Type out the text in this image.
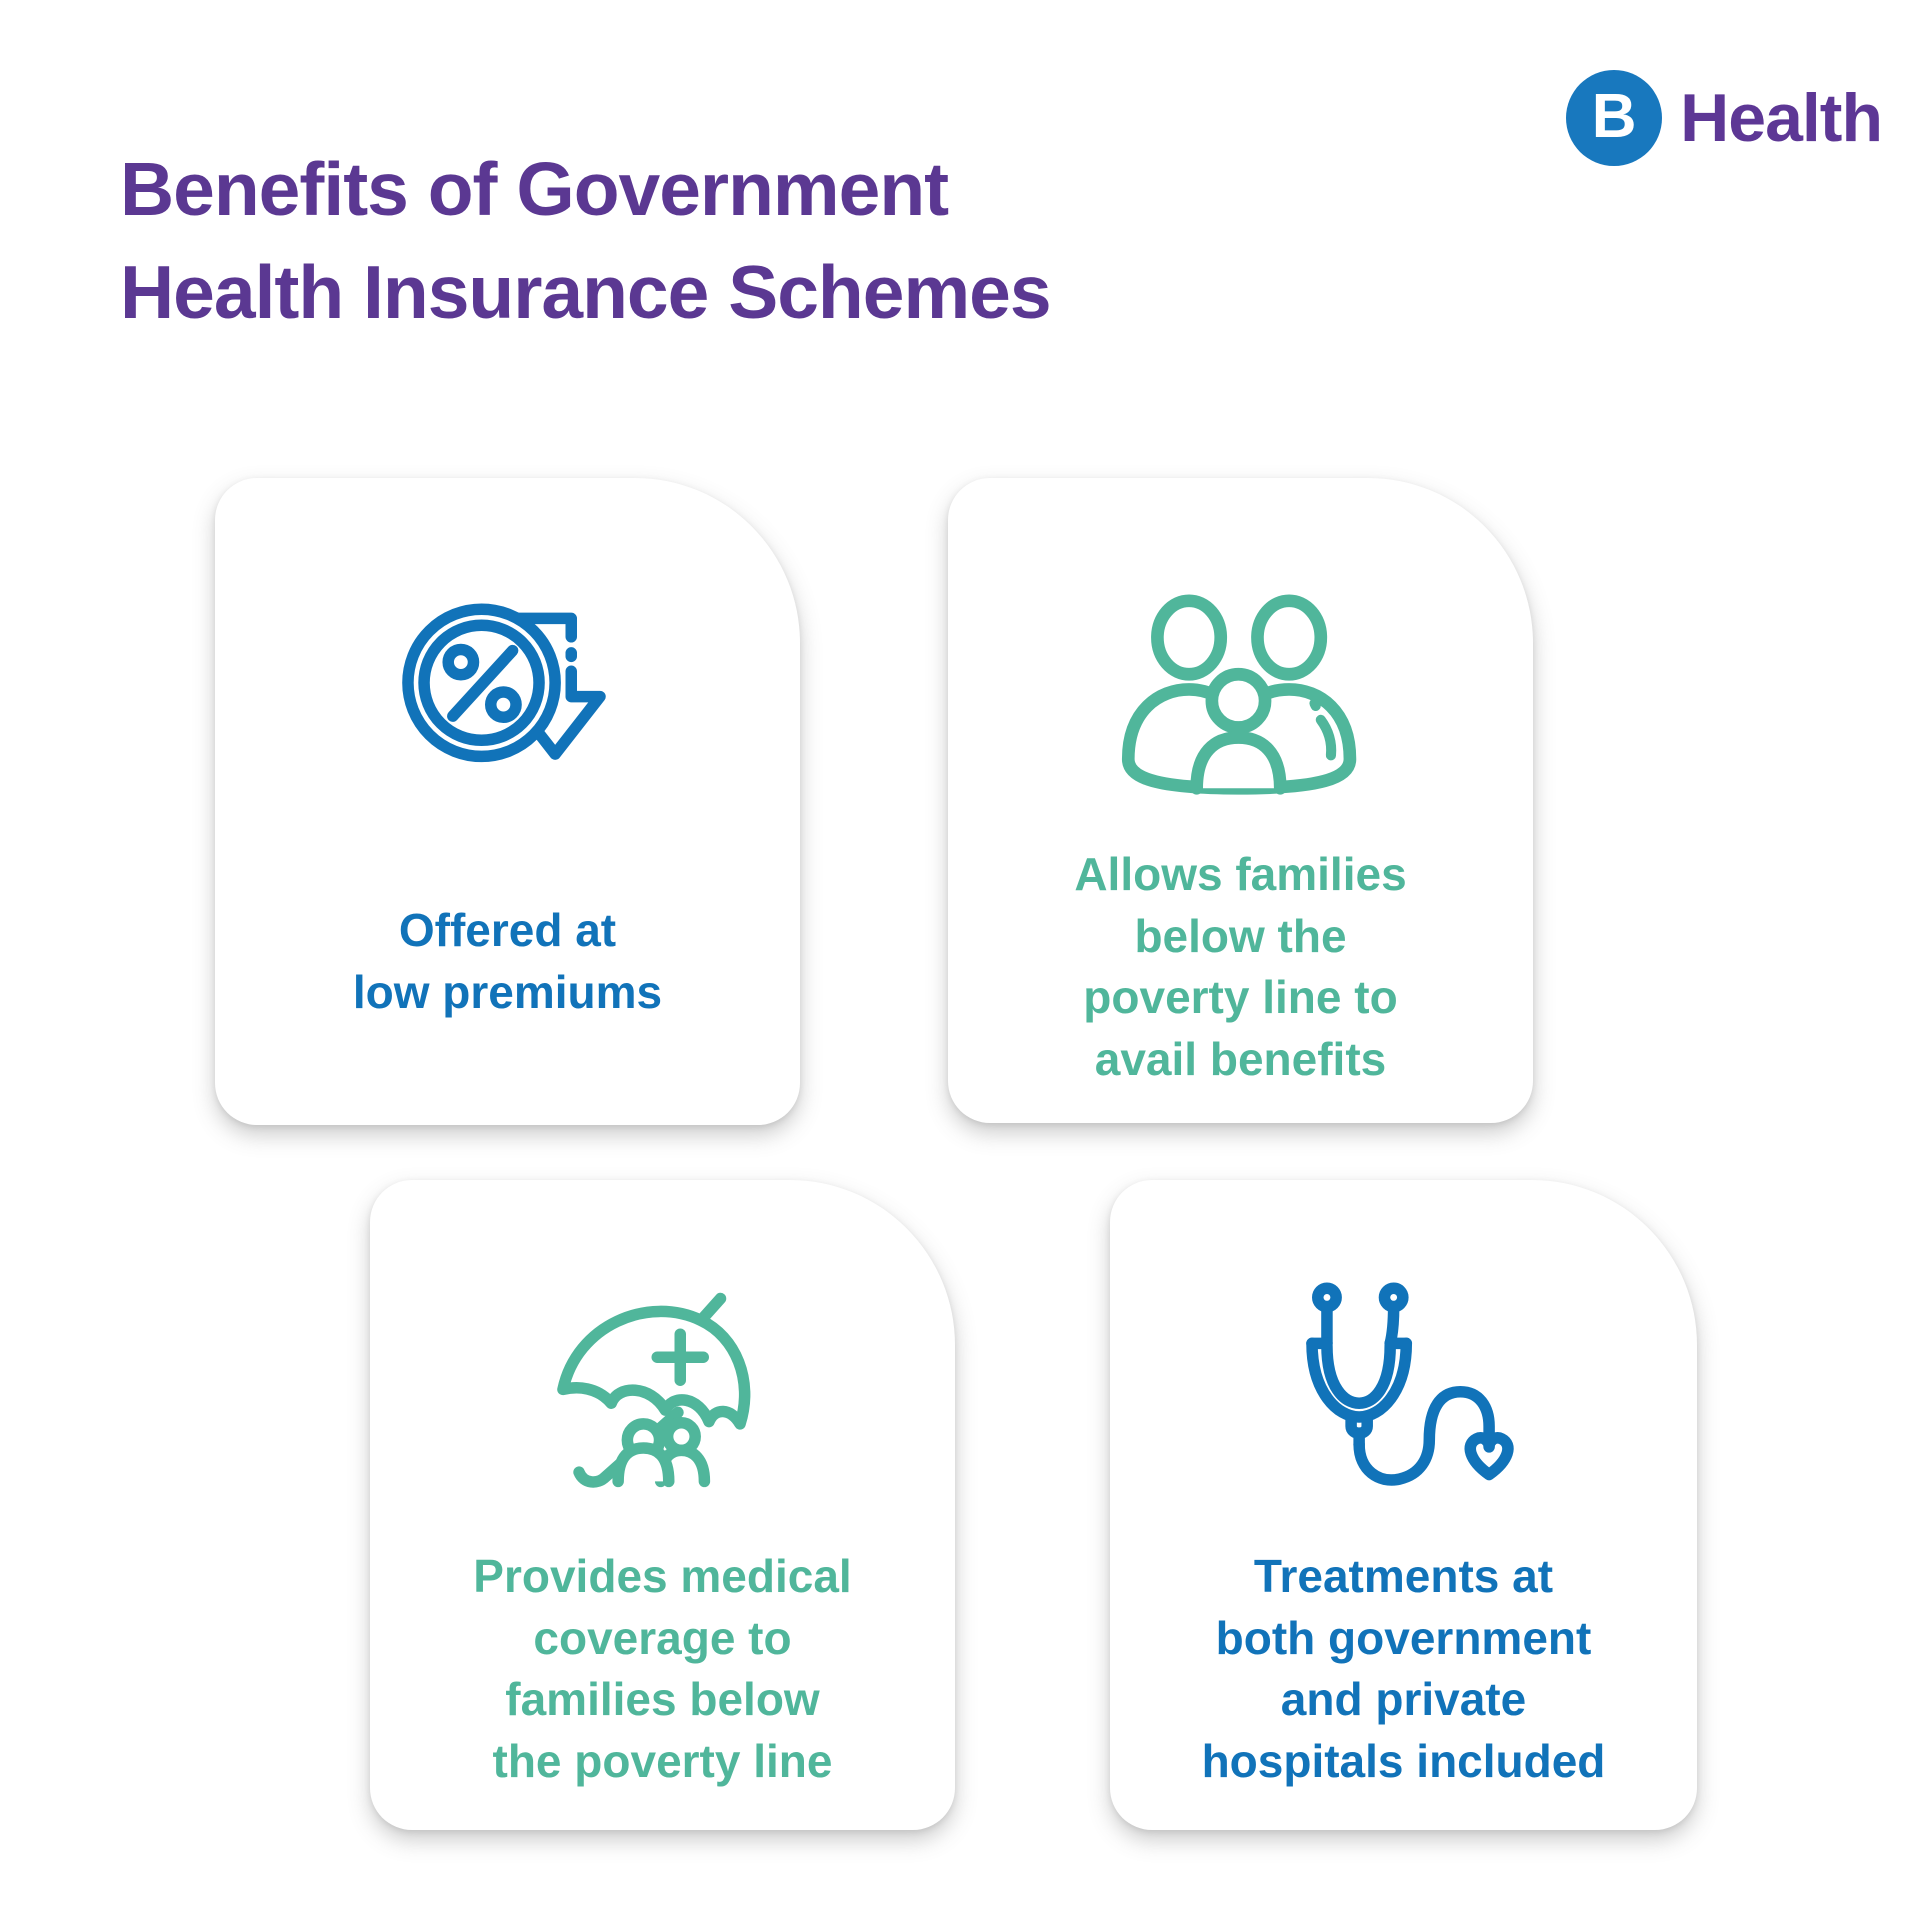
B Health
Benefits of Government
Health Insurance Schemes
Offered at
low premiums
Allows families
below the
poverty line to
avail benefits
Provides medical
coverage to
families below
the poverty line
Treatments at
both government
and private
hospitals included
